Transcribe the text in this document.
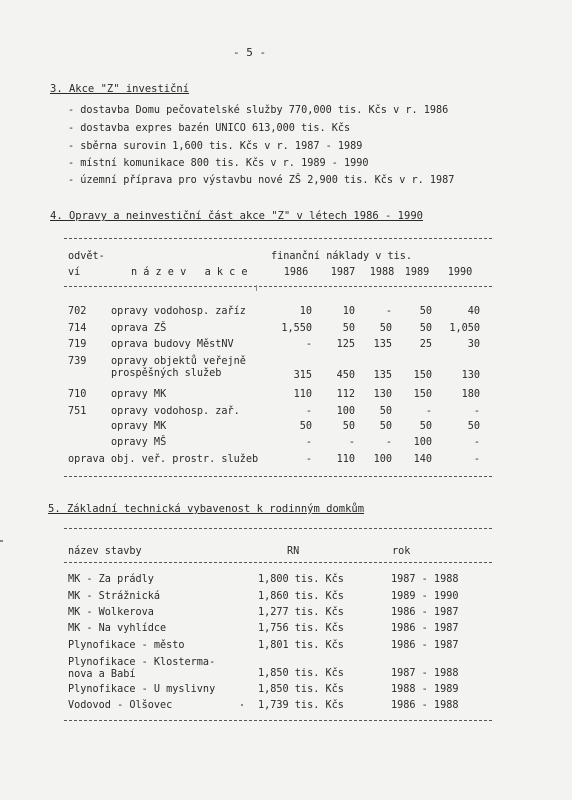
- 5 -
3. Akce "Z" investiční
- dostavba Domu pečovatelské služby 770,000 tis. Kčs v r. 1986
- dostavba expres bazén UNICO 613,000 tis. Kčs
- sběrna surovin 1,600 tis. Kčs v r. 1987 - 1989
- místní komunikace 800 tis. Kčs v r. 1989 - 1990
- územní příprava pro výstavbu nové ZŠ 2,900 tis. Kčs v r. 1987
4. Opravy a neinvestiční část akce "Z" v létech 1986 - 1990
odvět-
ví	n á z e v   a k c e
finanční náklady v tis.
1986	1987	1988	1989	1990
702 opravy vodohosp. zaříz	10	10	-	50	40
714 oprava ZŠ	1,550	50	50	50	1,050
719 oprava budovy MěstNV	-	125	135	25	30
739 opravy objektů veřejně
prospěšných služeb	315	450	135	150	130
710 opravy MK	110	112	130	150	180
751 opravy vodohosp. zař.	-	100	50	-	-
opravy MK	50	50	50	50	50
opravy MŠ	-	-	-	100	-
oprava obj. veř. prostr. služeb	-	110	100	140	-
5. Základní technická vybavenost k rodinným domkům
název stavby	RN	rok
MK - Za prádly	1,800 tis. Kčs	1987 - 1988
MK - Strážnická	1,860 tis. Kčs	1989 - 1990
MK - Wolkerova	1,277 tis. Kčs	1986 - 1987
MK - Na vyhlídce	1,756 tis. Kčs	1986 - 1987
Plynofikace - město	1,801 tis. Kčs	1986 - 1987
Plynofikace - Klosterma-
nova a Babí	1,850 tis. Kčs	1987 - 1988
Plynofikace - U myslivny	1,850 tis. Kčs	1988 - 1989
Vodovod - Olšovec	1,739 tis. Kčs	1986 - 1988
